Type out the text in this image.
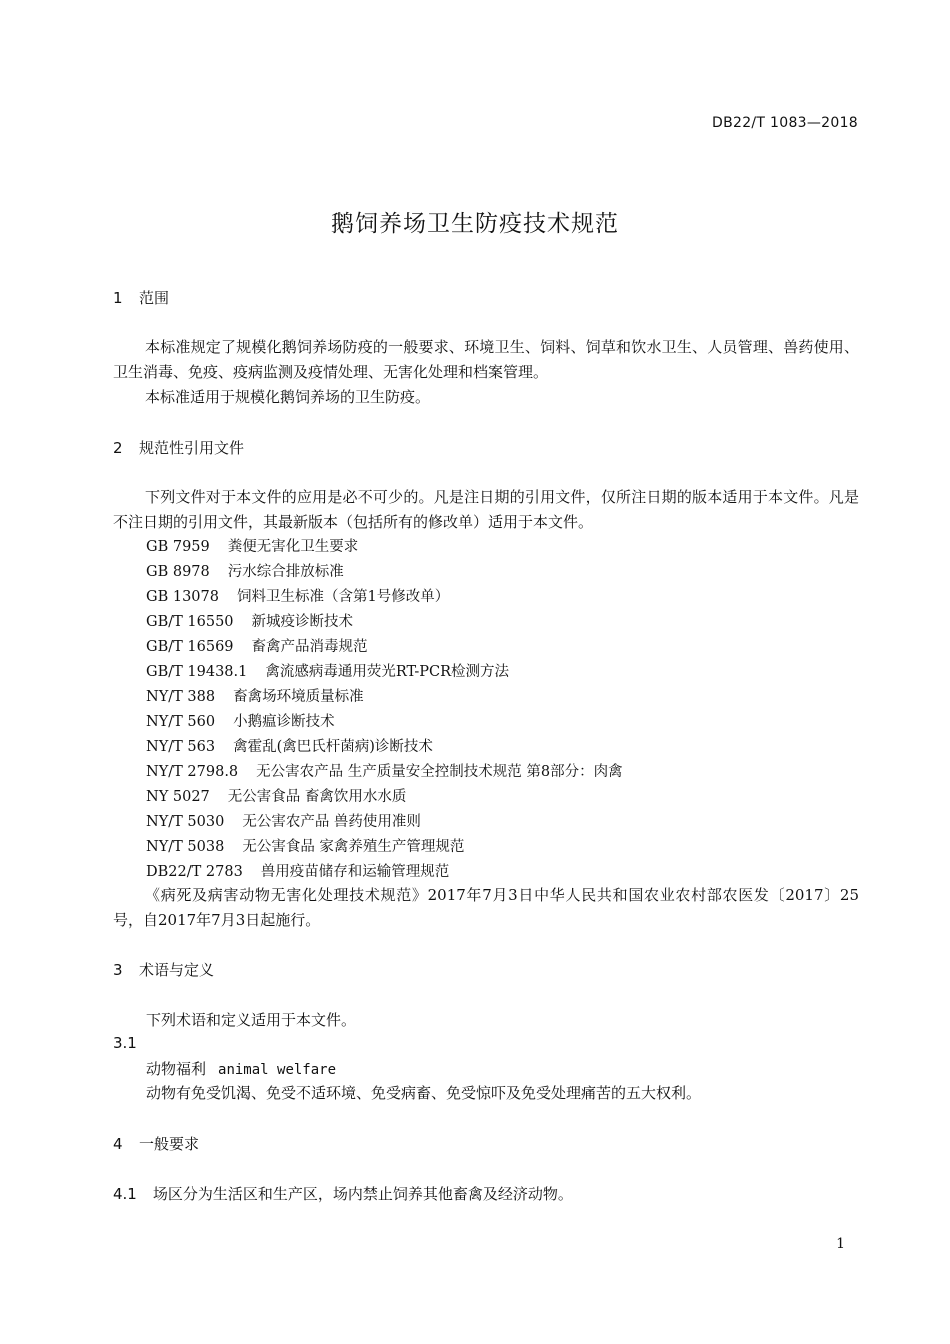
DB22/T 1083—2018
鹅饲养场卫生防疫技术规范
1 范围
本标准规定了规模化鹅饲养场防疫的一般要求、环境卫生、饲料、饲草和饮水卫生、人员管理、兽药使用、卫生消毒、免疫、疫病监测及疫情处理、无害化处理和档案管理。
本标准适用于规模化鹅饲养场的卫生防疫。
2 规范性引用文件
下列文件对于本文件的应用是必不可少的。凡是注日期的引用文件，仅所注日期的版本适用于本文件。凡是不注日期的引用文件，其最新版本（包括所有的修改单）适用于本文件。
GB 7959 粪便无害化卫生要求
GB 8978 污水综合排放标准
GB 13078 饲料卫生标准（含第1号修改单）
GB/T 16550 新城疫诊断技术
GB/T 16569 畜禽产品消毒规范
GB/T 19438.1 禽流感病毒通用荧光RT-PCR检测方法
NY/T 388 畜禽场环境质量标准
NY/T 560 小鹅瘟诊断技术
NY/T 563 禽霍乱(禽巴氏杆菌病)诊断技术
NY/T 2798.8 无公害农产品 生产质量安全控制技术规范 第8部分：肉禽
NY 5027 无公害食品 畜禽饮用水水质
NY/T 5030 无公害农产品 兽药使用准则
NY/T 5038 无公害食品 家禽养殖生产管理规范
DB22/T 2783 兽用疫苗储存和运输管理规范
《病死及病害动物无害化处理技术规范》2017年7月3日中华人民共和国农业农村部农医发〔2017〕25号，自2017年7月3日起施行。
3 术语与定义
下列术语和定义适用于本文件。
3.1
动物福利 animal welfare
动物有免受饥渴、免受不适环境、免受病畜、免受惊吓及免受处理痛苦的五大权利。
4 一般要求
4.1 场区分为生活区和生产区，场内禁止饲养其他畜禽及经济动物。
1
